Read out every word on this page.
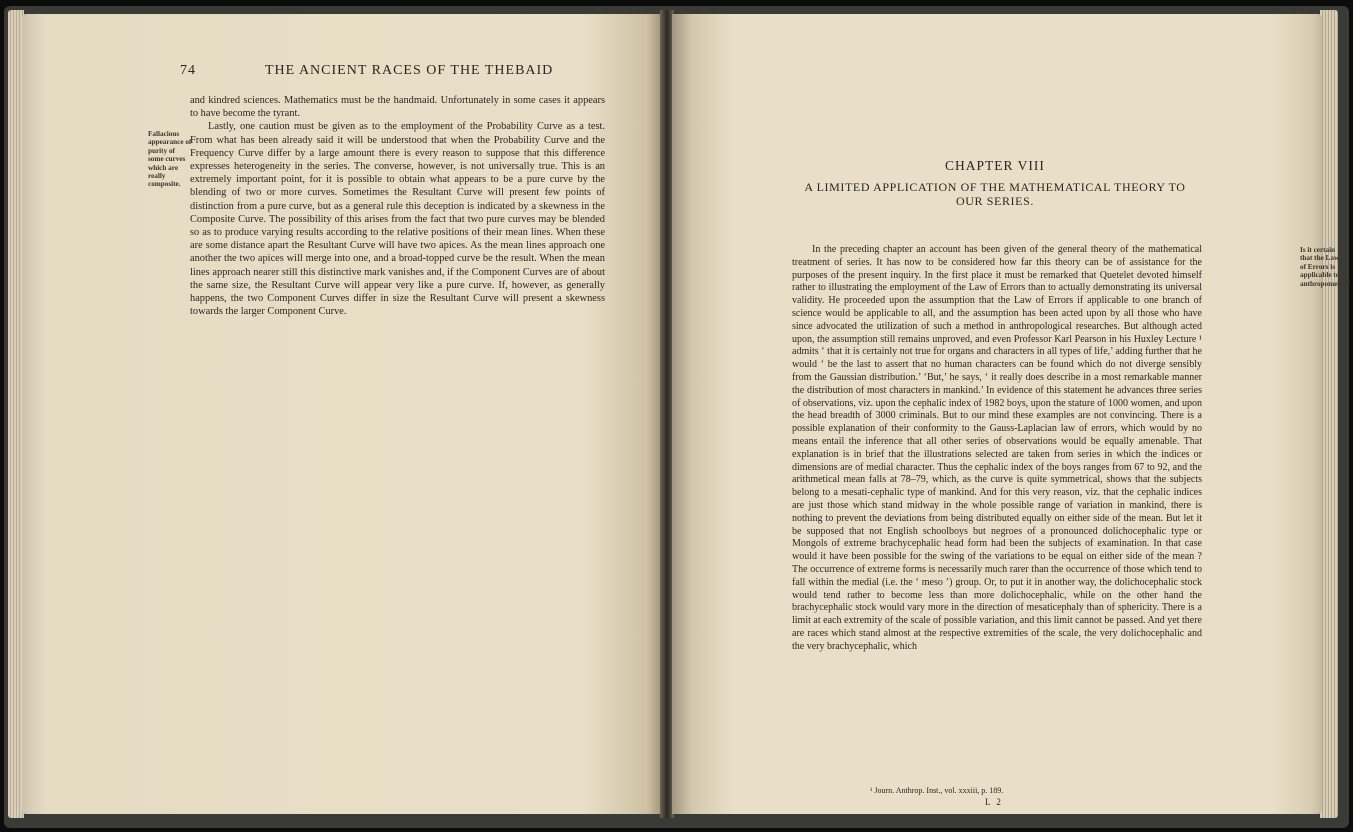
74	THE ANCIENT RACES OF THE THEBAID
Fallacious appearance of purity of some curves which are really composite.

and kindred sciences. Mathematics must be the handmaid. Unfortunately in some cases it appears to have become the tyrant.

Lastly, one caution must be given as to the employment of the Probability Curve as a test. From what has been already said it will be understood that when the Probability Curve and the Frequency Curve differ by a large amount there is every reason to suppose that this difference expresses heterogeneity in the series. The converse, however, is not universally true. This is an extremely important point, for it is possible to obtain what appears to be a pure curve by the blending of two or more curves. Sometimes the Resultant Curve will present few points of distinction from a pure curve, but as a general rule this deception is indicated by a skewness in the Composite Curve. The possibility of this arises from the fact that two pure curves may be blended so as to produce varying results according to the relative positions of their mean lines. When these are some distance apart the Resultant Curve will have two apices. As the mean lines approach one another the two apices will merge into one, and a broad-topped curve be the result. When the mean lines approach nearer still this distinctive mark vanishes and, if the Component Curves are of about the same size, the Resultant Curve will appear very like a pure curve. If, however, as generally happens, the two Component Curves differ in size the Resultant Curve will present a skewness towards the larger Component Curve.

CHAPTER VIII
A LIMITED APPLICATION OF THE MATHEMATICAL THEORY TO OUR SERIES.
Is it certain that the Law of Errors is applicable to anthropometry?

In the preceding chapter an account has been given of the general theory of the mathematical treatment of series. It has now to be considered how far this theory can be of assistance for the purposes of the present inquiry. In the first place it must be remarked that Quetelet devoted himself rather to illustrating the employment of the Law of Errors than to actually demonstrating its universal validity. He proceeded upon the assumption that the Law of Errors if applicable to one branch of science would be applicable to all, and the assumption has been acted upon by all those who have since advocated the utilization of such a method in anthropological researches. But although acted upon, the assumption still remains unproved, and even Professor Karl Pearson in his Huxley Lecture ¹ admits ‘ that it is certainly not true for organs and characters in all types of life,’ adding further that he would ‘ be the last to assert that no human characters can be found which do not diverge sensibly from the Gaussian distribution.’ ‘But,’ he says, ‘ it really does describe in a most remarkable manner the distribution of most characters in mankind.’ In evidence of this statement he advances three series of observations, viz. upon the cephalic index of 1982 boys, upon the stature of 1000 women, and upon the head breadth of 3000 criminals. But to our mind these examples are not convincing. There is a possible explanation of their conformity to the Gauss-Laplacian law of errors, which would by no means entail the inference that all other series of observations would be equally amenable. That explanation is in brief that the illustrations selected are taken from series in which the indices or dimensions are of medial character. Thus the cephalic index of the boys ranges from 67 to 92, and the arithmetical mean falls at 78–79, which, as the curve is quite symmetrical, shows that the subjects belong to a mesati-cephalic type of mankind. And for this very reason, viz. that the cephalic indices are just those which stand midway in the whole possible range of variation in mankind, there is nothing to prevent the deviations from being distributed equally on either side of the mean. But let it be supposed that not English schoolboys but negroes of a pronounced dolichocephalic type or Mongols of extreme brachycephalic head form had been the subjects of examination. In that case would it have been possible for the swing of the variations to be equal on either side of the mean ? The occurrence of extreme forms is necessarily much rarer than the occurrence of those which tend to fall within the medial (i.e. the ‘ meso ’) group. Or, to put it in another way, the dolichocephalic stock would tend rather to become less than more dolichocephalic, while on the other hand the brachycephalic stock would vary more in the direction of mesaticephaly than of sphericity. There is a limit at each extremity of the scale of possible variation, and this limit cannot be passed. And yet there are races which stand almost at the respective extremities of the scale, the very dolichocephalic and the very brachycephalic, which

¹ Journ. Anthrop. Inst., vol. xxxiii, p. 189.
L 2
